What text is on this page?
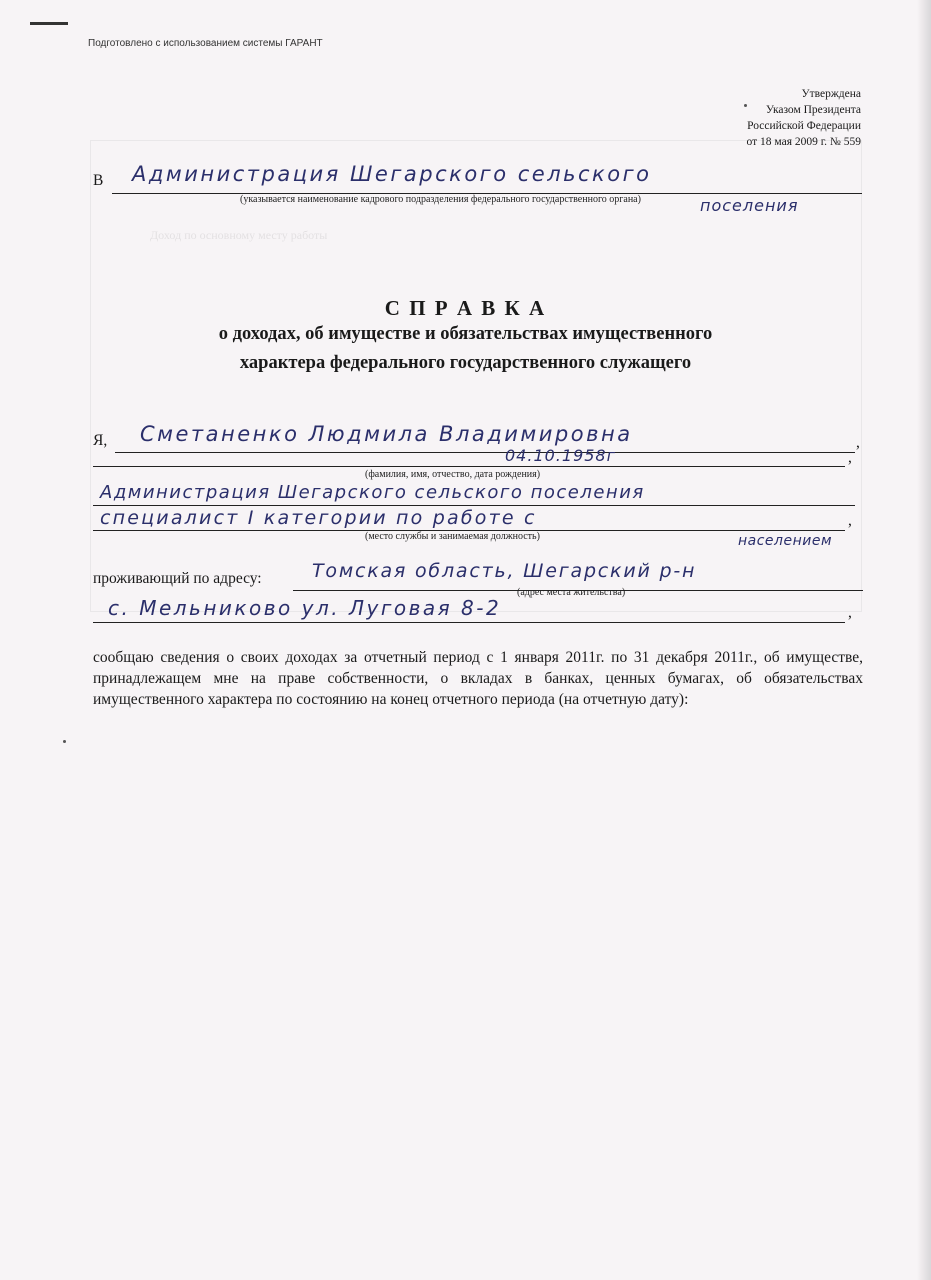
Доход по основному месту работы
Подготовлено с использованием системы ГАРАНТ
Утверждена
Указом Президента
Российской Федерации
от 18 мая 2009 г. № 559
В Администрация Шегарского сельского
(указывается наименование кадрового подразделения федерального государственного органа)	поселения
С П Р А В К А
о доходах, об имуществе и обязательствах имущественного
характера федерального государственного служащего
Я, Сметаненко Людмила Владимировна	,
04.10.1958г	,
(фамилия, имя, отчество, дата рождения)
Администрация Шегарского сельского поселения
специалист I категории по работе с	,
(место службы и занимаемая должность)	населением
проживающий по адресу:	Томская область, Шегарский р-н
(адрес места жительства)
с. Мельниково ул. Луговая 8-2	,
сообщаю сведения о своих доходах за отчетный период с 1 января 2011г. по 31 декабря 2011г., об имуществе, принадлежащем мне на праве собственности, о вкладах в банках, ценных бумагах, об обязательствах имущественного характера по состоянию на конец отчетного периода (на отчетную дату):
